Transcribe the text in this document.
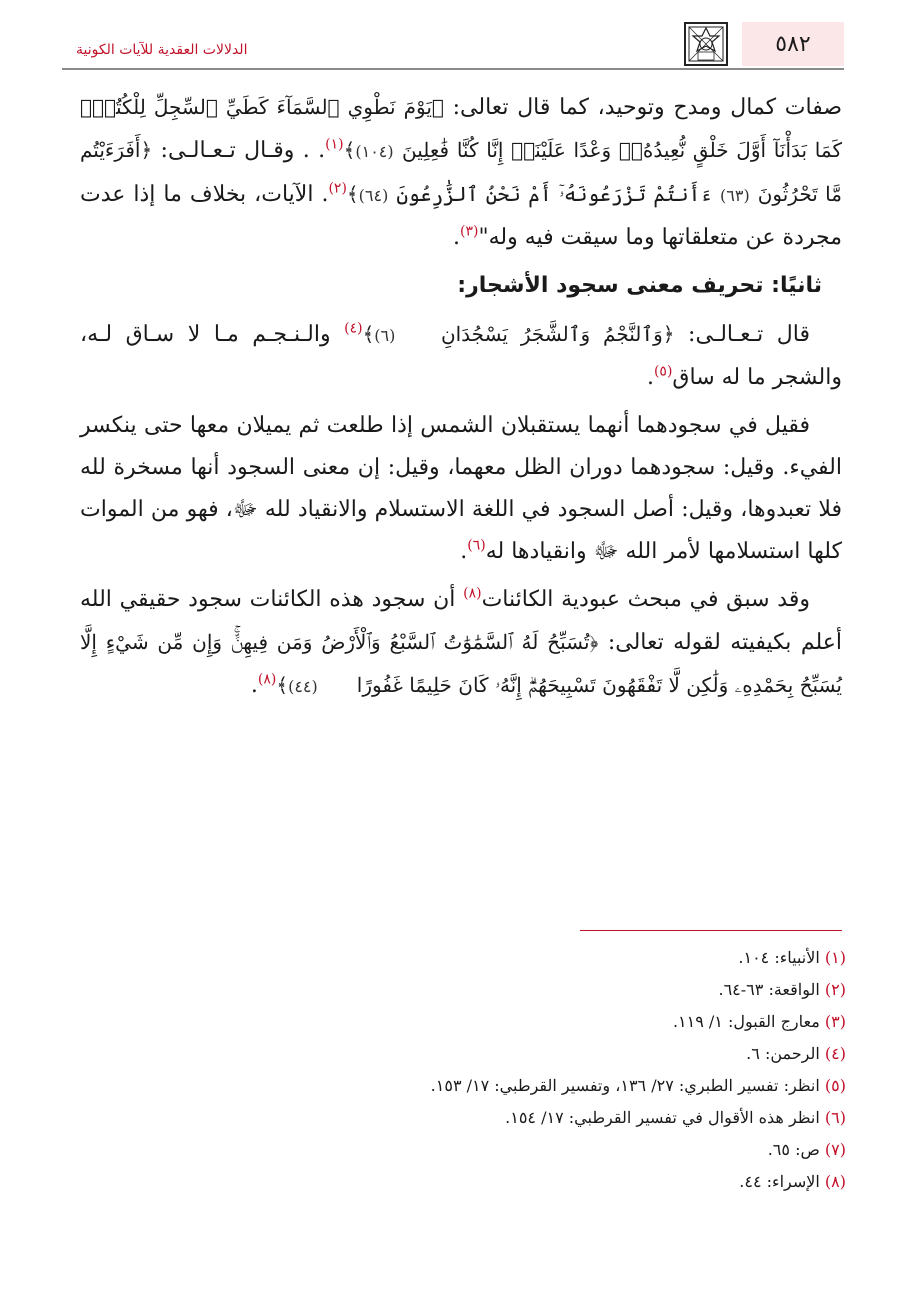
الدلالات العقدية للآيات الكونية	٥٨٢

صفات كمال ومدح وتوحيد، كما قال تعالى: ﴿يَوْمَ نَطْوِي ٱلسَّمَآءَ كَطَيِّ ٱلسِّجِلِّ لِلْكُتُبِۚ كَمَا بَدَأْنَآ أَوَّلَ خَلْقٍ نُّعِيدُهُۥۚ وَعْدًا عَلَيْنَآۚ إِنَّا كُنَّا فَٰعِلِينَ (١٠٤)﴾$^{(١)}$. . وقـال تـعـالـى: ﴿أَفَرَءَيْتُم مَّا تَحْرُثُونَ (٦٣) ءَأَنتُمْ تَزْرَعُونَهُۥٓ أَمْ نَحْنُ ٱلزَّٰرِعُونَ (٦٤)﴾$^{(٢)}$. الآيات، بخلاف ما إذا عدت مجردة عن متعلقاتها وما سيقت فيه وله"$^{(٣)}$.

ثانيًا: تحريف معنى سجود الأشجار:

قال تـعـالـى: ﴿وَٱلنَّجْمُ وَٱلشَّجَرُ يَسْجُدَانِ (٦)﴾$^{(٤)}$ والـنـجـم مـا لا سـاق لـه، والشجر ما له ساق$^{(٥)}$.

فقيل في سجودهما أنهما يستقبلان الشمس إذا طلعت ثم يميلان معها حتى ينكسر الفيء. وقيل: سجودهما دوران الظل معهما، وقيل: إن معنى السجود أنها مسخرة لله فلا تعبدوها، وقيل: أصل السجود في اللغة الاستسلام والانقياد لله ﷻ، فهو من الموات كلها استسلامها لأمر الله ﷻ وانقيادها له$^{(٦)}$.

وقد سبق في مبحث عبودية الكائنات$^{(٨)}$ أن سجود هذه الكائنات سجود حقيقي الله أعلم بكيفيته لقوله تعالى: ﴿تُسَبِّحُ لَهُ ٱلسَّمَٰوَٰتُ ٱلسَّبْعُ وَٱلْأَرْضُ وَمَن فِيهِنَّۚ وَإِن مِّن شَيْءٍ إِلَّا يُسَبِّحُ بِحَمْدِهِۦ وَلَٰكِن لَّا تَفْقَهُونَ تَسْبِيحَهُمْۗ إِنَّهُۥ كَانَ حَلِيمًا غَفُورًا (٤٤)﴾$^{(٨)}$.

(١) الأنبياء: ١٠٤.
(٢) الواقعة: ٦٣-٦٤.
(٣) معارج القبول: ١/ ١١٩.
(٤) الرحمن: ٦.
(٥) انظر: تفسير الطبري: ٢٧/ ١٣٦، وتفسير القرطبي: ١٧/ ١٥٣.
(٦) انظر هذه الأقوال في تفسير القرطبي: ١٧/ ١٥٤.
(٧) ص: ٦٥.
(٨) الإسراء: ٤٤.
